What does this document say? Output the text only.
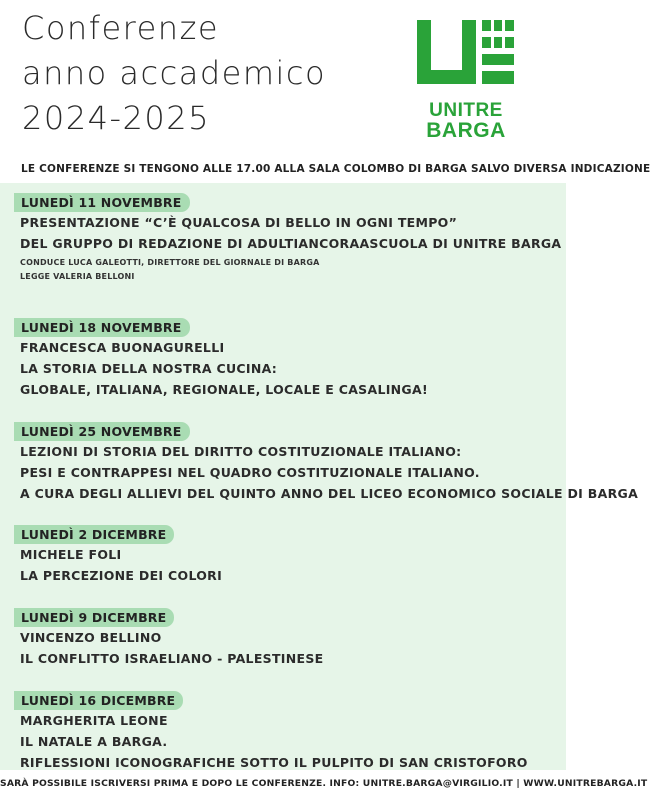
Conferenze
anno accademico
2024-2025	UNITRE
BARGA
LE CONFERENZE SI TENGONO ALLE 17.00 ALLA SALA COLOMBO DI BARGA SALVO DIVERSA INDICAZIONE
LUNEDÌ 11 NOVEMBRE
PRESENTAZIONE “C’È QUALCOSA DI BELLO IN OGNI TEMPO”
DEL GRUPPO DI REDAZIONE DI ADULTIANCORAASCUOLA DI UNITRE BARGA
CONDUCE LUCA GALEOTTI, DIRETTORE DEL GIORNALE DI BARGA
LEGGE VALERIA BELLONI
LUNEDÌ 18 NOVEMBRE
FRANCESCA BUONAGURELLI
LA STORIA DELLA NOSTRA CUCINA:
GLOBALE, ITALIANA, REGIONALE, LOCALE E CASALINGA!
LUNEDÌ 25 NOVEMBRE
LEZIONI DI STORIA DEL DIRITTO COSTITUZIONALE ITALIANO:
PESI E CONTRAPPESI NEL QUADRO COSTITUZIONALE ITALIANO.
A CURA DEGLI ALLIEVI DEL QUINTO ANNO DEL LICEO ECONOMICO SOCIALE DI BARGA
LUNEDÌ 2 DICEMBRE
MICHELE FOLI
LA PERCEZIONE DEI COLORI
LUNEDÌ 9 DICEMBRE
VINCENZO BELLINO
IL CONFLITTO ISRAELIANO - PALESTINESE
LUNEDÌ 16 DICEMBRE
MARGHERITA LEONE
IL NATALE A BARGA.
RIFLESSIONI ICONOGRAFICHE SOTTO IL PULPITO DI SAN CRISTOFORO
SARÀ POSSIBILE ISCRIVERSI PRIMA E DOPO LE CONFERENZE. INFO: UNITRE.BARGA@VIRGILIO.IT | WWW.UNITREBARGA.IT
